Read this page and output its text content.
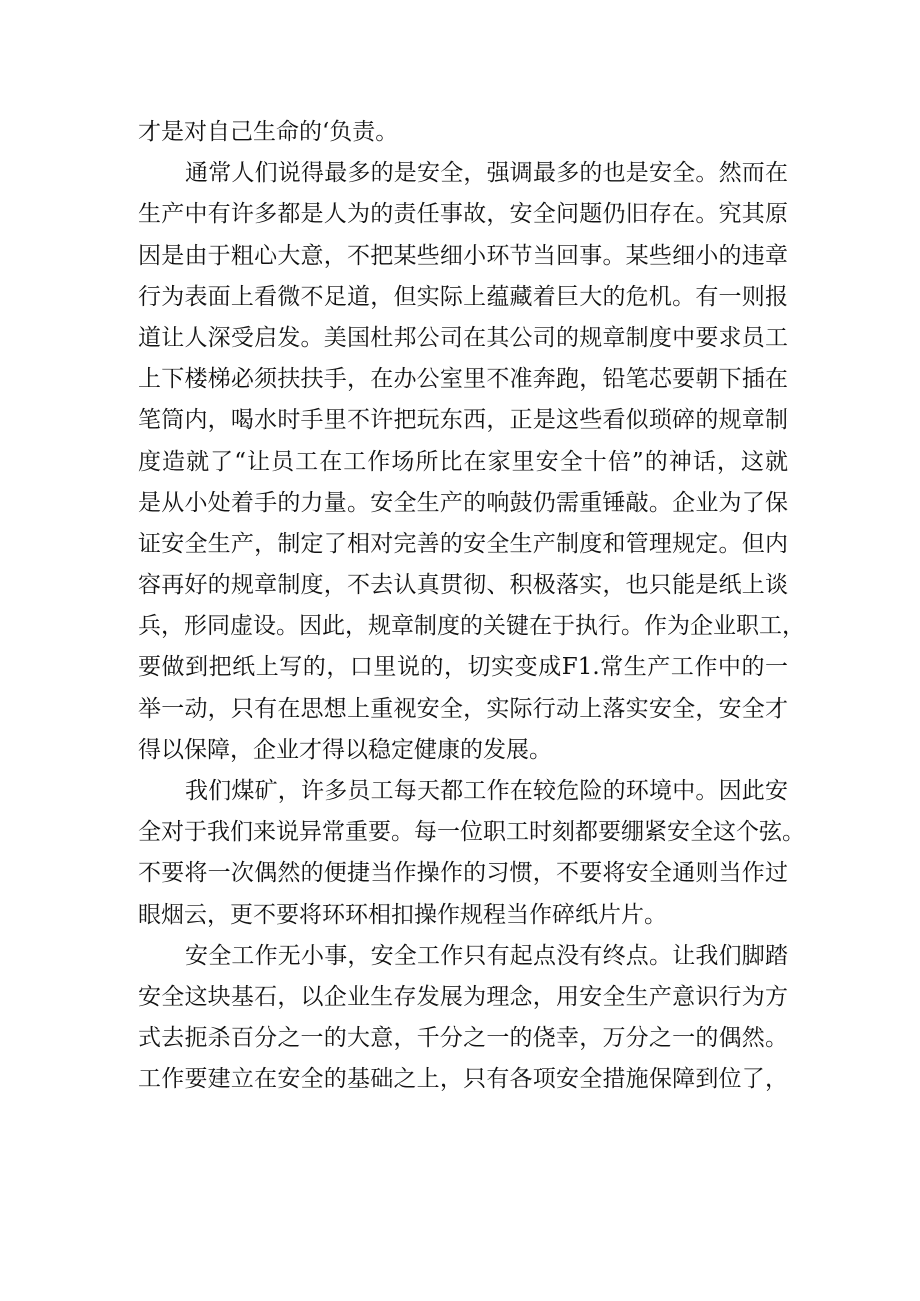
才是对自己生命的‘负责。
通常人们说得最多的是安全，强调最多的也是安全。然而在
生产中有许多都是人为的责任事故，安全问题仍旧存在。究其原
因是由于粗心大意，不把某些细小环节当回事。某些细小的违章
行为表面上看微不足道，但实际上蕴藏着巨大的危机。有一则报
道让人深受启发。美国杜邦公司在其公司的规章制度中要求员工
上下楼梯必须扶扶手，在办公室里不准奔跑，铅笔芯要朝下插在
笔筒内，喝水时手里不许把玩东西，正是这些看似琐碎的规章制
度造就了“让员工在工作场所比在家里安全十倍”的神话，这就
是从小处着手的力量。安全生产的响鼓仍需重锤敲。企业为了保
证安全生产，制定了相对完善的安全生产制度和管理规定。但内
容再好的规章制度，不去认真贯彻、积极落实，也只能是纸上谈
兵，形同虚设。因此，规章制度的关键在于执行。作为企业职工，
要做到把纸上写的，口里说的，切实变成F1.常生产工作中的一
举一动，只有在思想上重视安全，实际行动上落实安全，安全才
得以保障，企业才得以稳定健康的发展。
我们煤矿，许多员工每天都工作在较危险的环境中。因此安
全对于我们来说异常重要。每一位职工时刻都要绷紧安全这个弦。
不要将一次偶然的便捷当作操作的习惯，不要将安全通则当作过
眼烟云，更不要将环环相扣操作规程当作碎纸片片。
安全工作无小事，安全工作只有起点没有终点。让我们脚踏
安全这块基石，以企业生存发展为理念，用安全生产意识行为方
式去扼杀百分之一的大意，千分之一的侥幸，万分之一的偶然。
工作要建立在安全的基础之上，只有各项安全措施保障到位了，
